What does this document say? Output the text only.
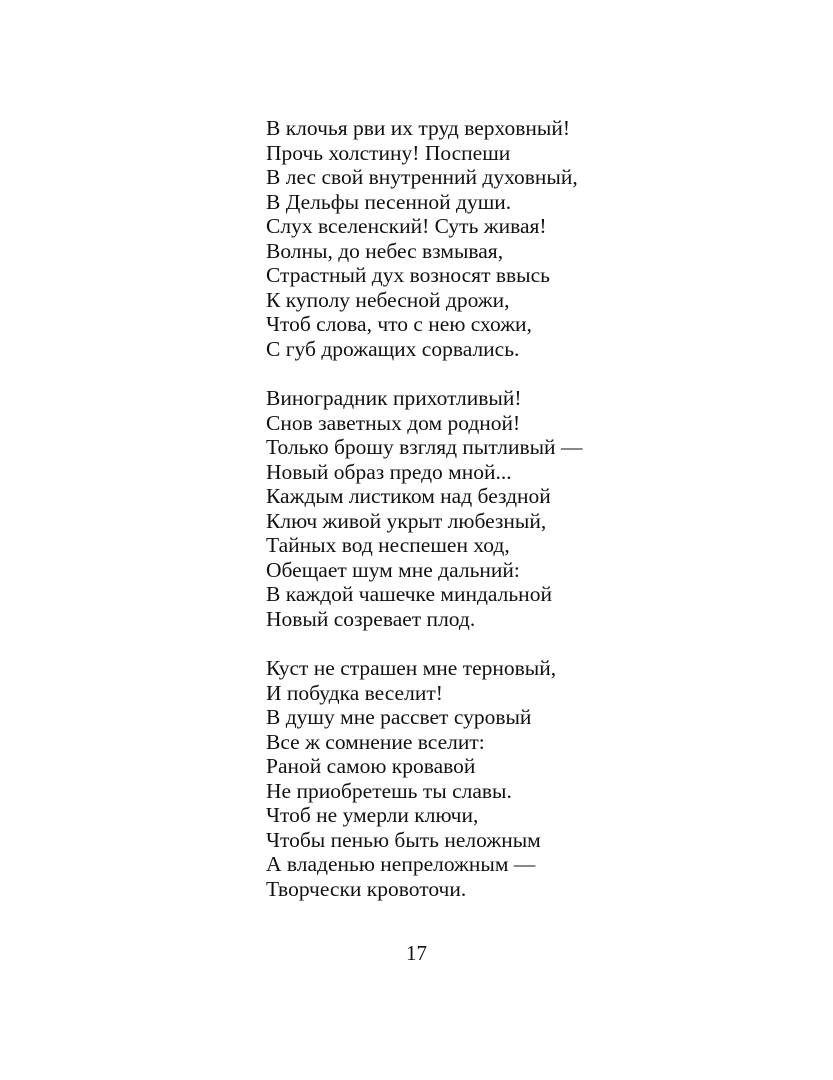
В клочья рви их труд верховный!
Прочь холстину! Поспеши
В лес свой внутренний духовный,
В Дельфы песенной души.
Слух вселенский! Суть живая!
Волны, до небес взмывая,
Страстный дух возносят ввысь
К куполу небесной дрожи,
Чтоб слова, что с нею схожи,
С губ дрожащих сорвались.
Виноградник прихотливый!
Снов заветных дом родной!
Только брошу взгляд пытливый —
Новый образ предо мной...
Каждым листиком над бездной
Ключ живой укрыт любезный,
Тайных вод неспешен ход,
Обещает шум мне дальний:
В каждой чашечке миндальной
Новый созревает плод.
Куст не страшен мне терновый,
И побудка веселит!
В душу мне рассвет суровый
Все ж сомнение вселит:
Раной самою кровавой
Не приобретешь ты славы.
Чтоб не умерли ключи,
Чтобы пенью быть неложным
А владенью непреложным —
Творчески кровоточи.
17
